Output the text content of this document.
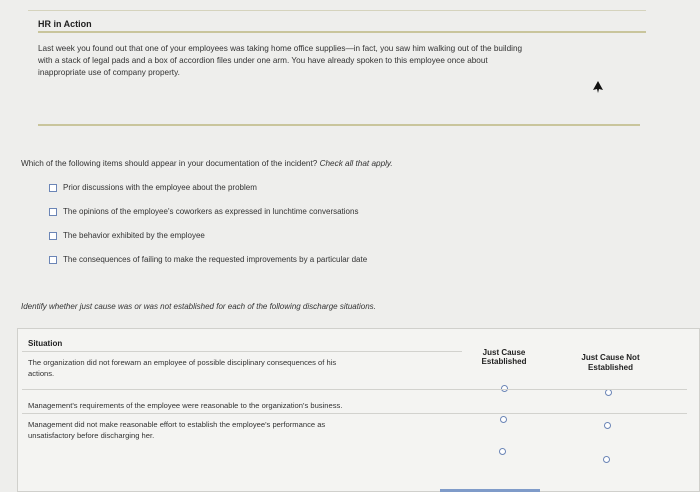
HR in Action
Last week you found out that one of your employees was taking home office supplies—in fact, you saw him walking out of the building
with a stack of legal pads and a box of accordion files under one arm. You have already spoken to this employee once about
inappropriate use of company property.
Which of the following items should appear in your documentation of the incident? Check all that apply.
Prior discussions with the employee about the problem
The opinions of the employee's coworkers as expressed in lunchtime conversations
The behavior exhibited by the employee
The consequences of failing to make the requested improvements by a particular date
Identify whether just cause was or was not established for each of the following discharge situations.
Situation
Just Cause
Established	Just Cause Not
Established
The organization did not forewarn an employee of possible disciplinary consequences of his
actions.
Management's requirements of the employee were reasonable to the organization's business.
Management did not make reasonable effort to establish the employee's performance as
unsatisfactory before discharging her.
